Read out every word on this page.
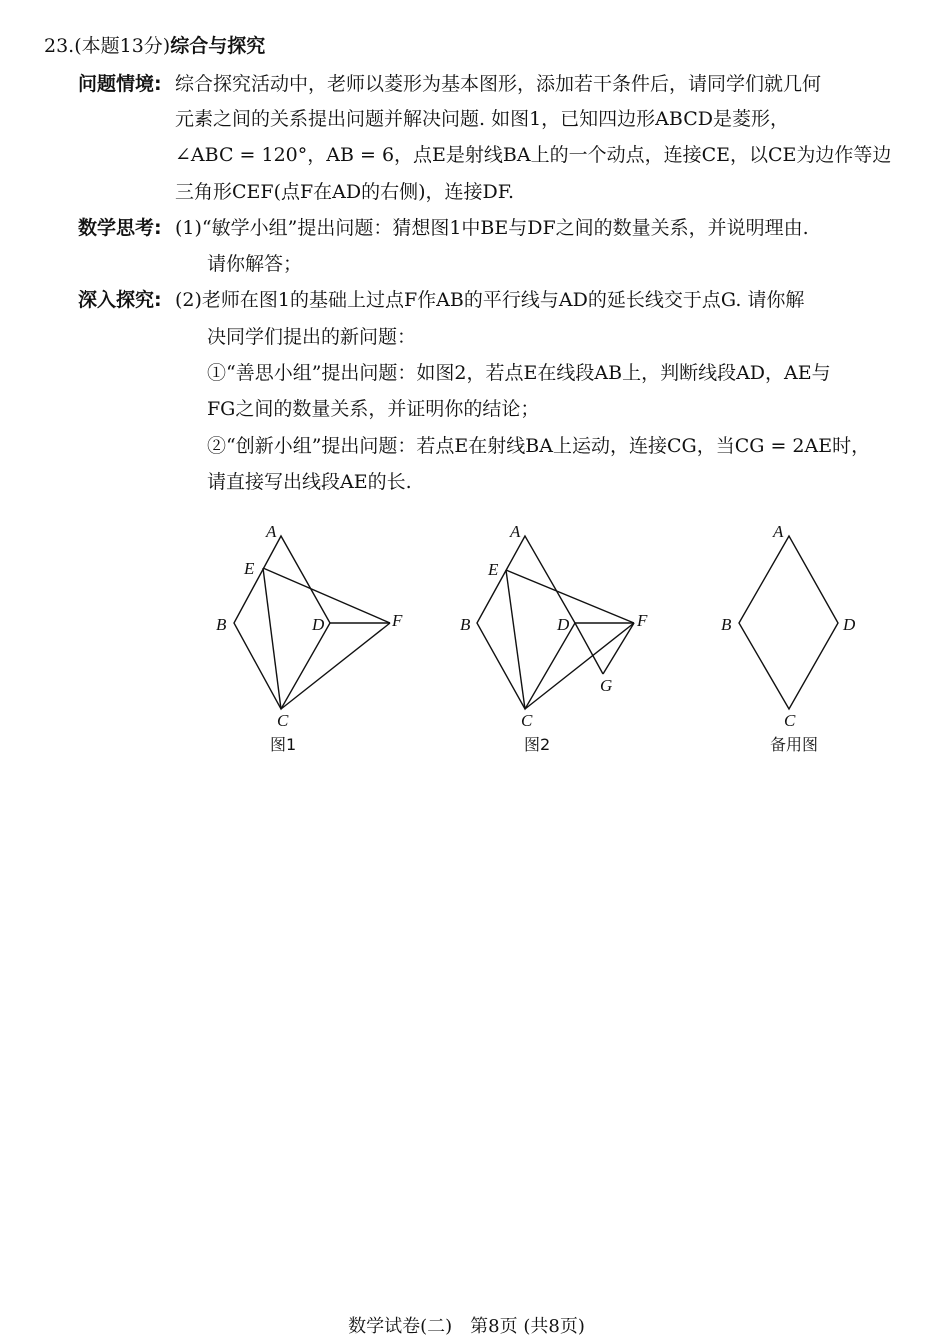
23.(本题13分)综合与探究
问题情境: 综合探究活动中，老师以菱形为基本图形，添加若干条件后，请同学们就几何
元素之间的关系提出问题并解决问题. 如图1，已知四边形ABCD是菱形，
∠ABC = 120°，AB = 6，点E是射线BA上的一个动点，连接CE，以CE为边作等边
三角形CEF(点F在AD的右侧)，连接DF.
数学思考: (1)“敏学小组”提出问题：猜想图1中BE与DF之间的数量关系，并说明理由.
请你解答；
深入探究: (2)老师在图1的基础上过点F作AB的平行线与AD的延长线交于点G. 请你解
决同学们提出的新问题：
①“善思小组”提出问题：如图2，若点E在线段AB上，判断线段AD，AE与
FG之间的数量关系，并证明你的结论；
②“创新小组”提出问题：若点E在射线BA上运动，连接CG，当CG = 2AE时，
请直接写出线段AE的长.
A
E
B	D	F
C
图1
A
E
B	D	F
G
C
图2
A
B	D
C
备用图
数学试卷(二)　第8页 (共8页)
